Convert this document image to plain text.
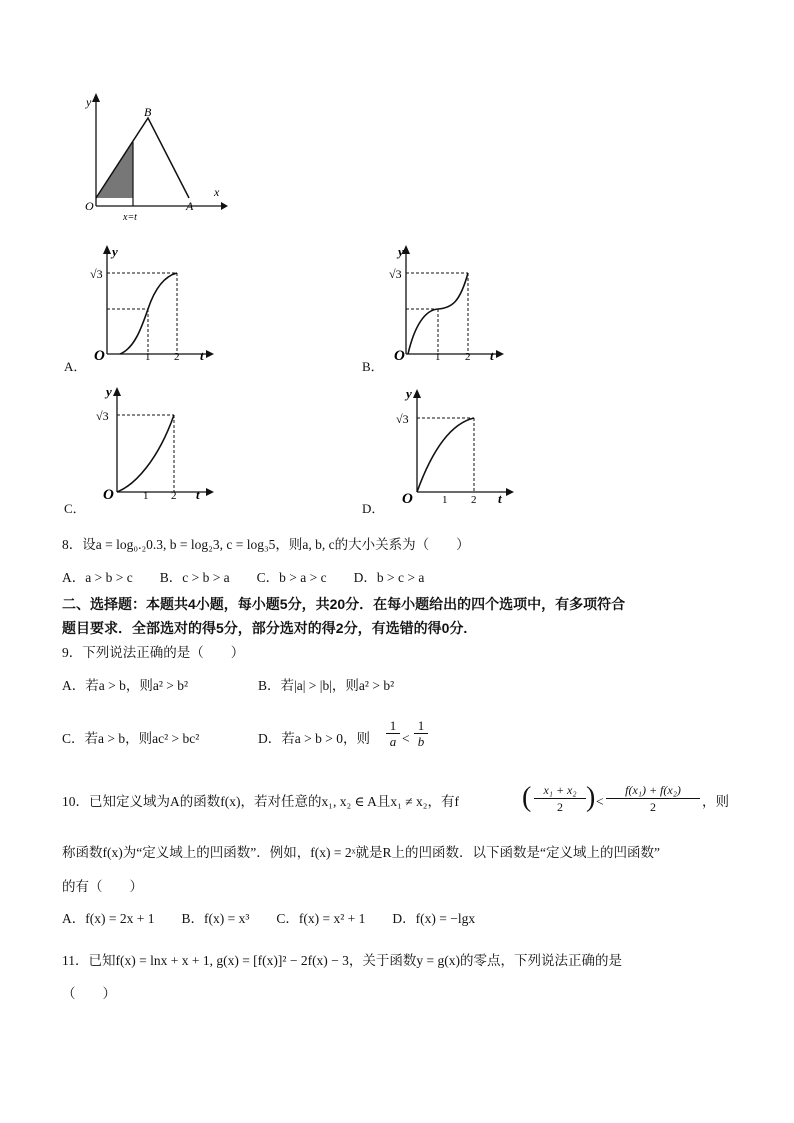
y
B
x
O	A
x=t
A．
y
√3
O	1 2 t
B．
y
√3
O	1 2 t
C．
y
√3
O	1 2 t
D．
y
√3
O	1 2 t
8．设a = log₀.₂0.3, b = log₂3, c = log₃5，则a, b, c的大小关系为（　　）
A．a > b > c　　B．c > b > a　　C．b > a > c　　D．b > c > a
二、选择题：本题共4小题，每小题5分，共20分．在每小题给出的四个选项中，有多项符合
题目要求．全部选对的得5分，部分选对的得2分，有选错的得0分.
9．下列说法正确的是（　　）
A．若a > b，则a² > b²	B．若|a| > |b|，则a² > b²
C．若a > b，则ac² > bc²	D．若a > b > 0，则 $\frac{1}{a} < \frac{1}{b}$
10．已知定义域为A的函数f(x)，若对任意的x₁, x₂ ∈ A且x₁ ≠ x₂，有f ( $\frac{\text{x₁ + x₂}}{2}$ ) < $\frac{\text{f(x₁) + f(x₂)}}{2}$ ，则
称函数f(x)为“定义域上的凹函数”．例如，f(x) = 2ˣ就是R上的凹函数．以下函数是“定义域上的凹函数”
的有（　　）
A．f(x) = 2x + 1　　B．f(x) = x³　　C．f(x) = x² + 1　　D．f(x) = −lgx
11．已知f(x) = lnx + x + 1, g(x) = [f(x)]² − 2f(x) − 3，关于函数y = g(x)的零点，下列说法正确的是
（　　）
